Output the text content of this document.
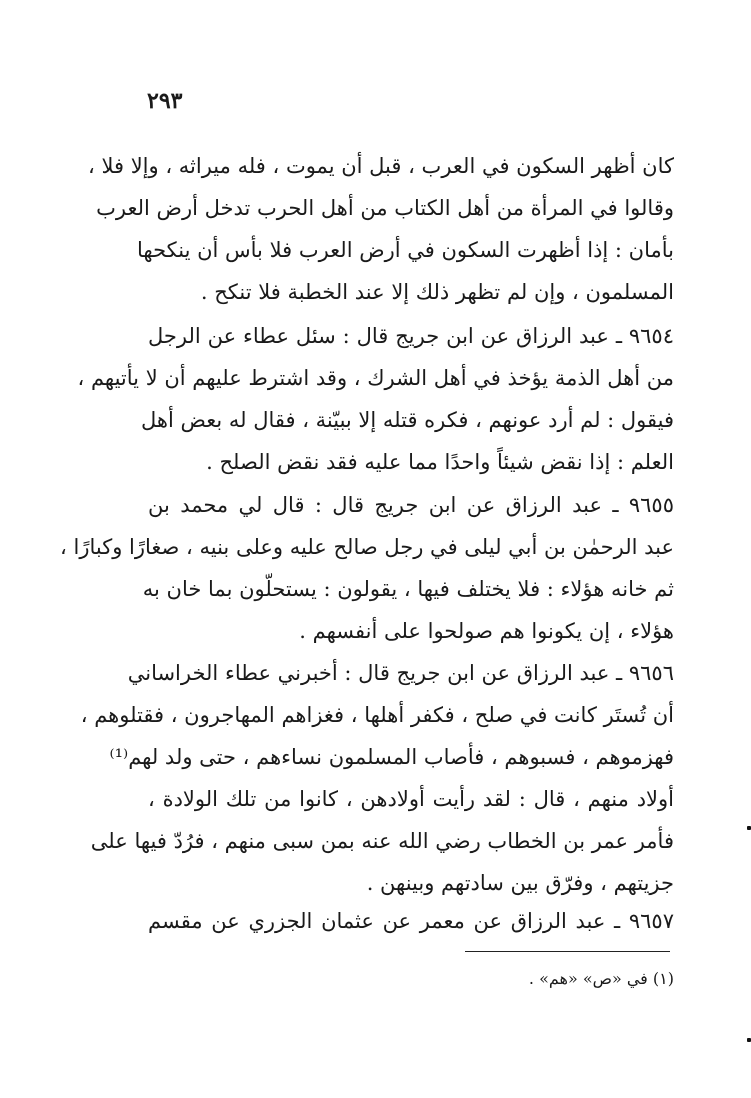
٢٩٣
كان أظهر السكون في العرب ، قبل أن يموت ، فله ميراثه ، وإلا فلا ،
وقالوا في المرأة من أهل الكتاب من أهل الحرب تدخل أرض العرب
بأمان : إذا أظهرت السكون في أرض العرب فلا بأس أن ينكحها
المسلمون ، وإن لم تظهر ذلك إلا عند الخطبة فلا تنكح .
٩٦٥٤ ـ عبد الرزاق عن ابن جريج قال : سئل عطاء عن الرجل
من أهل الذمة يؤخذ في أهل الشرك ، وقد اشترط عليهم أن لا يأتيهم ،
فيقول : لم أرد عونهم ، فكره قتله إلا ببيّنة ، فقال له بعض أهل
العلم : إذا نقض شيئاً واحدًا مما عليه فقد نقض الصلح .
٩٦٥٥ ـ عبد الرزاق عن ابن جريج قال : قال لي محمد بن
عبد الرحمٰن بن أبي ليلى في رجل صالح عليه وعلى بنيه ، صغارًا وكبارًا ،
ثم خانه هؤلاء : فلا يختلف فيها ، يقولون : يستحلّون بما خان به
هؤلاء ، إن يكونوا هم صولحوا على أنفسهم .
٩٦٥٦ ـ عبد الرزاق عن ابن جريج قال : أخبرني عطاء الخراساني
أن تُستَر كانت في صلح ، فكفر أهلها ، فغزاهم المهاجرون ، فقتلوهم ،
فهزموهم ، فسبوهم ، فأصاب المسلمون نساءهم ، حتى ولد لهم⁽¹⁾
أولاد منهم ، قال : لقد رأيت أولادهن ، كانوا من تلك الولادة ،
فأمر عمر بن الخطاب رضي الله عنه بمن سبى منهم ، فرُدّ فيها على
جزيتهم ، وفرّق بين سادتهم وبينهن .
٩٦٥٧ ـ عبد الرزاق عن معمر عن عثمان الجزري عن مقسم
(١) في «ص» «هم» .
